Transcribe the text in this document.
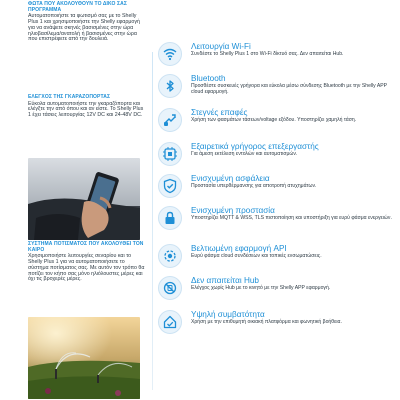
ΦΩΤΑ ΠΟΥ ΑΚΟΛΟΥΘΟΥΝ ΤΟ ΔΙΚΟ ΣΑΣ ΠΡΟΓΡΑΜΜΑ
Αυτοματοποιήστε τα φωτισμό σας με το Shelly Plus 1 και χρησιμοποιήστε την Shelly εφαρμογή για να ανάψετε σκηνές βασισμένες στην ώρα ηλιοβασίλεμα/ανατολή ή βασισμένες στην ώρα που επιστρέφετε από την δουλειά.
ΕΛΕΓΧΟΣ ΤΗΣ ΓΚΑΡΑΖΟΠΟΡΤΑΣ
Εύκολα αυτοματοποιήστε την γκαραζόπορτα και ελέγξτε την από όπου και αν είστε. Το Shelly Plus 1 έχει τάσεις λειτουργίας 12V DC και 24-48V DC.
ΣΥΣΤΗΜΑ ΠΟΤΙΣΜΑΤΟΣ ΠΟΥ ΑΚΟΛΟΥΘΕΙ ΤΟΝ ΚΑΙΡΟ
Χρησιμοποιήστε λειτουργίες σεναρίου και το Shelly Plus 1 για να αυτοματοποιήσετε το σύστημα ποτίσματος σας. Με αυτόν τον τρόπο θα ποτίζει τον κήπο σας μόνο ηλιόλουστες μέρες και όχι τις βροχερές μέρες.
Λειτουργία Wi-Fi
Συνδέστε το Shelly Plus 1 στο Wi-Fi δίκτυό σας. Δεν απαιτείται Hub.
Bluetooth
Προσθέστε συσκευές γρήγορα και εύκολα μέσω σύνδεσης Bluetooth με την Shelly APP cloud εφαρμογή.
Στεγνές επαφές
Χρήση των φασμάτων τάσεων/voltage εξόδου. Υποστηρίζει χαμηλή τάση.
Εξαιρετικά γρήγορος επεξεργαστής
Για άμεση εκτέλεση εντολών και αυτοματισμών.
Ενισχυμένη ασφάλεια
Προστασία υπερθέρμανσης για αποτροπή ατυχημάτων.
Ενισχυμένη προστασία
Υποστηρίζει MQTT & WSS, TLS πιστοποίηση και υποστήριξη για ευρύ φάσμα ενεργειών.
Βελτιωμένη εφαρμογή API
Ευρύ φάσμα cloud συνδέσεων και τοπικές ενσωματώσεις.
Δεν απαιτείται Hub
Ελέγχος χωρίς Hub με το κινητό με την Shelly APP εφαρμογή.
Υψηλή συμβατότητα
Χρήση με την επιθυμητή οικιακή πλατφόρμα και φωνητική βοήθεια.
